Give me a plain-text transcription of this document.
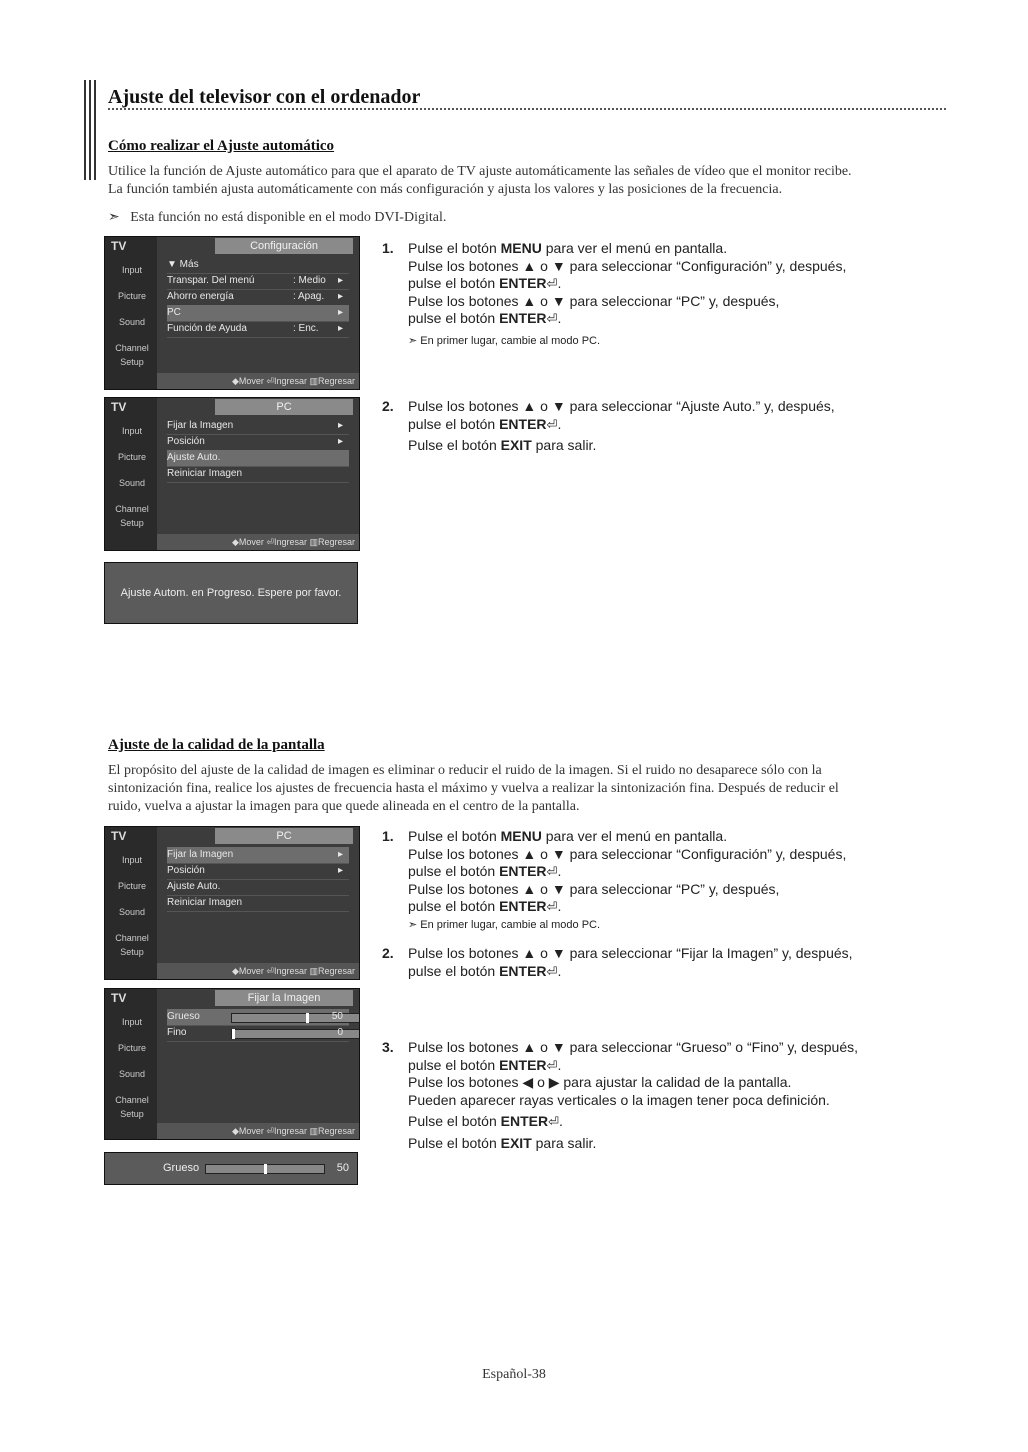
Ajuste del televisor con el ordenador
Cómo realizar el Ajuste automático
Utilice la función de Ajuste automático para que el aparato de TV ajuste automáticamente las señales de vídeo que el monitor recibe.
La función también ajusta automáticamente con más configuración y ajusta los valores y las posiciones de la frecuencia.
➣ Esta función no está disponible en el modo DVI-Digital.
TV
Input
Picture
Sound
Channel
Setup
Configuración
▼ Más
Transpar. Del menú	: Medio ▸
Ahorro energía	: Apag. ▸
PC	▸
Función de Ayuda	: Enc. ▸
◆Mover ⏎Ingresar ▥Regresar
TV
Input
Picture
Sound
Channel
Setup
PC
Fijar la Imagen	▸
Posición	▸
Ajuste Auto.
Reiniciar Imagen
◆Mover ⏎Ingresar ▥Regresar
Ajuste Autom. en Progreso. Espere por favor.
1. Pulse el botón MENU para ver el menú en pantalla.
Pulse los botones ▲ o ▼ para seleccionar “Configuración” y, después,
pulse el botón ENTER⏎.
Pulse los botones ▲ o ▼ para seleccionar “PC” y, después,
pulse el botón ENTER⏎.
➣ En primer lugar, cambie al modo PC.
2. Pulse los botones ▲ o ▼ para seleccionar “Ajuste Auto.” y, después,
pulse el botón ENTER⏎.
Pulse el botón EXIT para salir.
Ajuste de la calidad de la pantalla
El propósito del ajuste de la calidad de imagen es eliminar o reducir el ruido de la imagen. Si el ruido no desaparece sólo con la
sintonización fina, realice los ajustes de frecuencia hasta el máximo y vuelva a realizar la sintonización fina. Después de reducir el
ruido, vuelva a ajustar la imagen para que quede alineada en el centro de la pantalla.
TV
Input
Picture
Sound
Channel
Setup
PC
Fijar la Imagen	▸
Posición	▸
Ajuste Auto.
Reiniciar Imagen
◆Mover ⏎Ingresar ▥Regresar
TV
Input
Picture
Sound
Channel
Setup
Fijar la Imagen
Grueso	50
Fino	0
◆Mover ⏎Ingresar ▥Regresar
Grueso	50
1. Pulse el botón MENU para ver el menú en pantalla.
Pulse los botones ▲ o ▼ para seleccionar “Configuración” y, después,
pulse el botón ENTER⏎.
Pulse los botones ▲ o ▼ para seleccionar “PC” y, después,
pulse el botón ENTER⏎.
➣ En primer lugar, cambie al modo PC.
2. Pulse los botones ▲ o ▼ para seleccionar “Fijar la Imagen” y, después,
pulse el botón ENTER⏎.
3. Pulse los botones ▲ o ▼ para seleccionar “Grueso” o “Fino” y, después,
pulse el botón ENTER⏎.
Pulse los botones ◀ o ▶ para ajustar la calidad de la pantalla.
Pueden aparecer rayas verticales o la imagen tener poca definición.
Pulse el botón ENTER⏎.
Pulse el botón EXIT para salir.
Español-38
